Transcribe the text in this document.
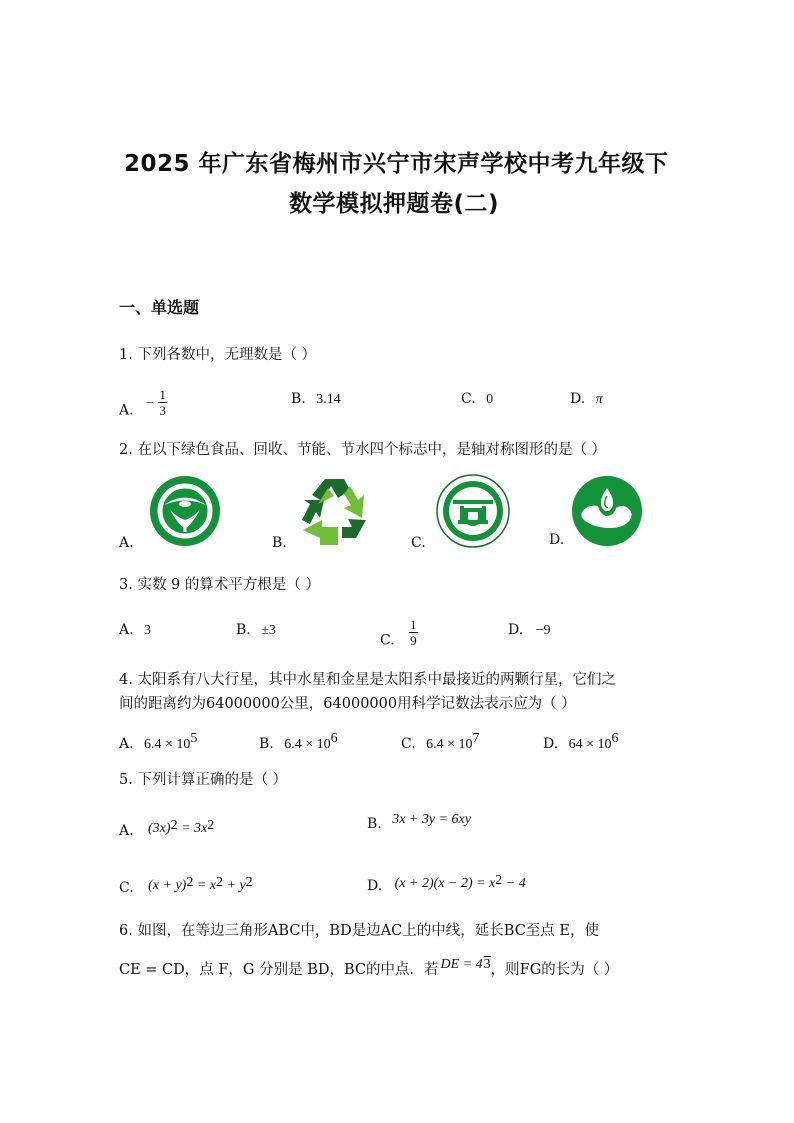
2025 年广东省梅州市兴宁市宋声学校中考九年级下
数学模拟押题卷(二)
一、单选题
1. 下列各数中，无理数是（ ）
A. − $\frac{1}{3}$	B. 3.14	C. 0	D. π
2. 在以下绿色食品、回收、节能、节水四个标志中，是轴对称图形的是（ ）
A.	B.	C.	D.
3. 实数 9 的算术平方根是（ ）
A. 3	B. ±3
C. $\frac{1}{9}$	D. −9
4. 太阳系有八大行星，其中水星和金星是太阳系中最接近的两颗行星，它们之
间的距离约为64000000公里，64000000用科学记数法表示应为（ ）
A. $6.4 \times 10^5$	B. $6.4 \times 10^6$	C. $6.4 \times 10^7$	D. $64 \times 10^6$
5. 下列计算正确的是（ ）
A. $(3x)^2 = 3x^2$	B. 3x + 3y = 6xy
C. $(x + y)^2 = x^2 + y^2$	D. $(x + 2)(x - 2) = x^2 - 4$
6. 如图，在等边三角形ABC中，BD是边AC上的中线，延长BC至点 E，使
CE = CD，点 F，G 分别是 BD，BC的中点．若 DE = 43，则FG的长为（ ）
